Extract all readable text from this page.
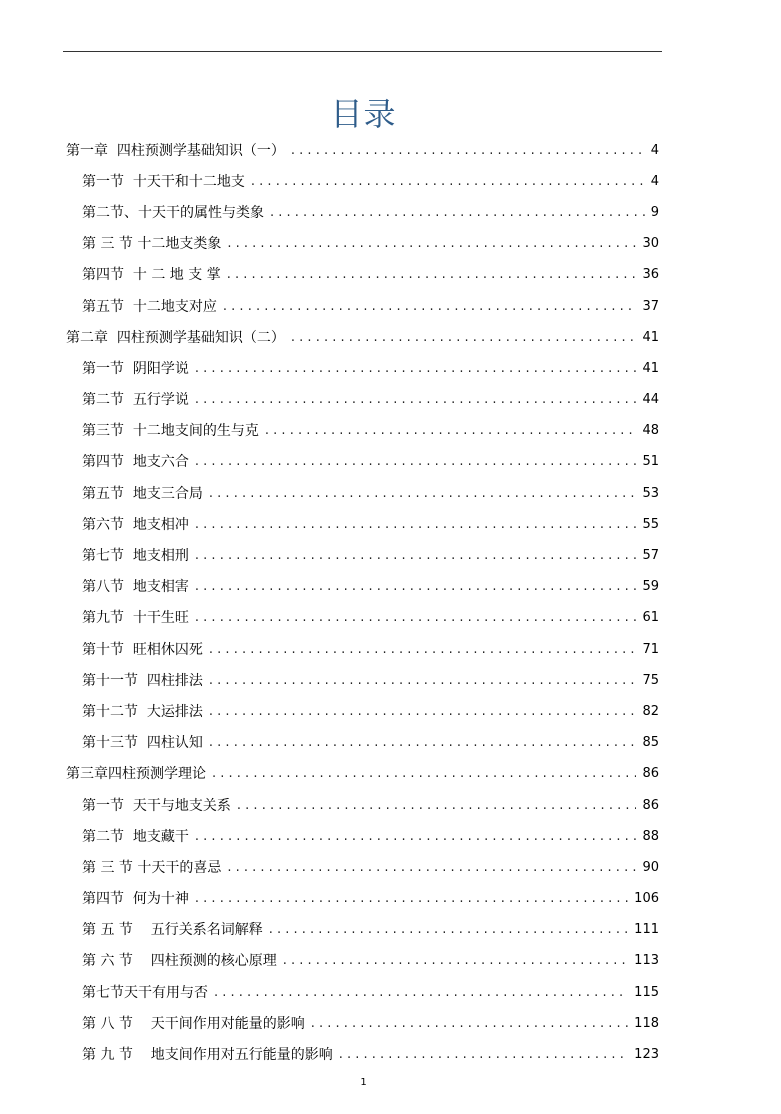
目录
第一章  四柱预测学基础知识（一） . . .	4
第一节  十天干和十二地支 . . .	4
第二节、十天干的属性与类象 . . .	9
第 三 节 十二地支类象 . . .	30
第四节  十 二 地 支 掌 . . .	36
第五节  十二地支对应 . . .	37
第二章  四柱预测学基础知识（二） . . .	41
第一节  阴阳学说 . . .	41
第二节  五行学说 . . .	44
第三节  十二地支间的生与克 . . .	48
第四节  地支六合 . . .	51
第五节  地支三合局 . . .	53
第六节  地支相冲 . . .	55
第七节  地支相刑 . . .	57
第八节  地支相害 . . .	59
第九节  十干生旺 . . .	61
第十节  旺相休囚死 . . .	71
第十一节  四柱排法 . . .	75
第十二节  大运排法 . . .	82
第十三节  四柱认知 . . .	85
第三章四柱预测学理论 . . .	86
第一节  天干与地支关系 . . .	86
第二节  地支藏干 . . .	88
第 三 节 十天干的喜忌 . . .	90
第四节  何为十神 . . .	106
第 五 节    五行关系名词解释 . . .	111
第 六 节    四柱预测的核心原理 . . .	113
第七节天干有用与否 . . .	115
第 八 节    天干间作用对能量的影响 . . .	118
第 九 节    地支间作用对五行能量的影响 . . .	123
1
